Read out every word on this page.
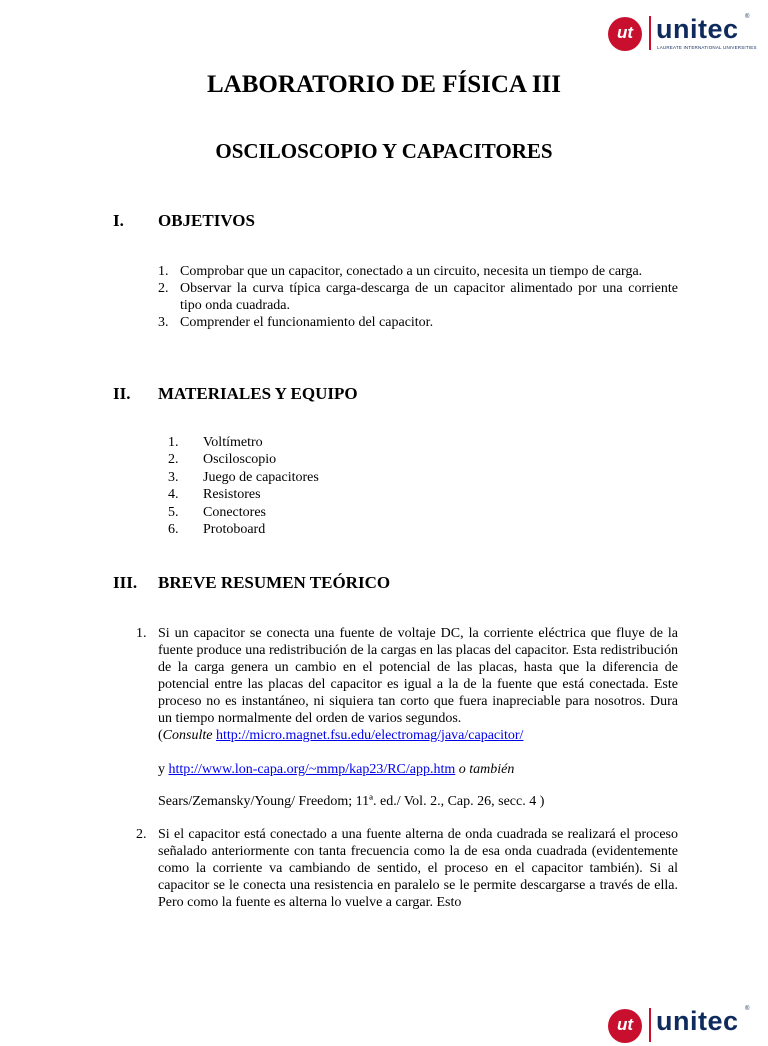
ut unitec ®
LAUREATE INTERNATIONAL UNIVERSITIES
LABORATORIO DE FÍSICA III
OSCILOSCOPIO Y CAPACITORES
I. OBJETIVOS
1. Comprobar que un capacitor, conectado a un circuito, necesita un tiempo de carga.
2. Observar la curva típica carga-descarga de un capacitor alimentado por una corriente tipo onda cuadrada.
3. Comprender el funcionamiento del capacitor.
II. MATERIALES Y EQUIPO
1. Voltímetro
2. Osciloscopio
3. Juego de capacitores
4. Resistores
5. Conectores
6. Protoboard
III. BREVE RESUMEN TEÓRICO
1. Si un capacitor se conecta una fuente de voltaje DC, la corriente eléctrica que fluye de la fuente produce una redistribución de la cargas en las placas del capacitor. Esta redistribución de la carga genera un cambio en el potencial de las placas, hasta que la diferencia de potencial entre las placas del capacitor es igual a la de la fuente que está conectada. Este proceso no es instantáneo, ni siquiera tan corto que fuera inapreciable para nosotros. Dura un tiempo normalmente del orden de varios segundos.
(Consulte http://micro.magnet.fsu.edu/electromag/java/capacitor/
y http://www.lon-capa.org/~mmp/kap23/RC/app.htm o también
Sears/Zemansky/Young/ Freedom; 11ª. ed./ Vol. 2., Cap. 26, secc. 4 )
2. Si el capacitor está conectado a una fuente alterna de onda cuadrada se realizará el proceso señalado anteriormente con tanta frecuencia como la de esa onda cuadrada (evidentemente como la corriente va cambiando de sentido, el proceso en el capacitor también). Si al capacitor se le conecta una resistencia en paralelo se le permite descargarse a través de ella. Pero como la fuente es alterna lo vuelve a cargar. Esto
ut unitec ®
